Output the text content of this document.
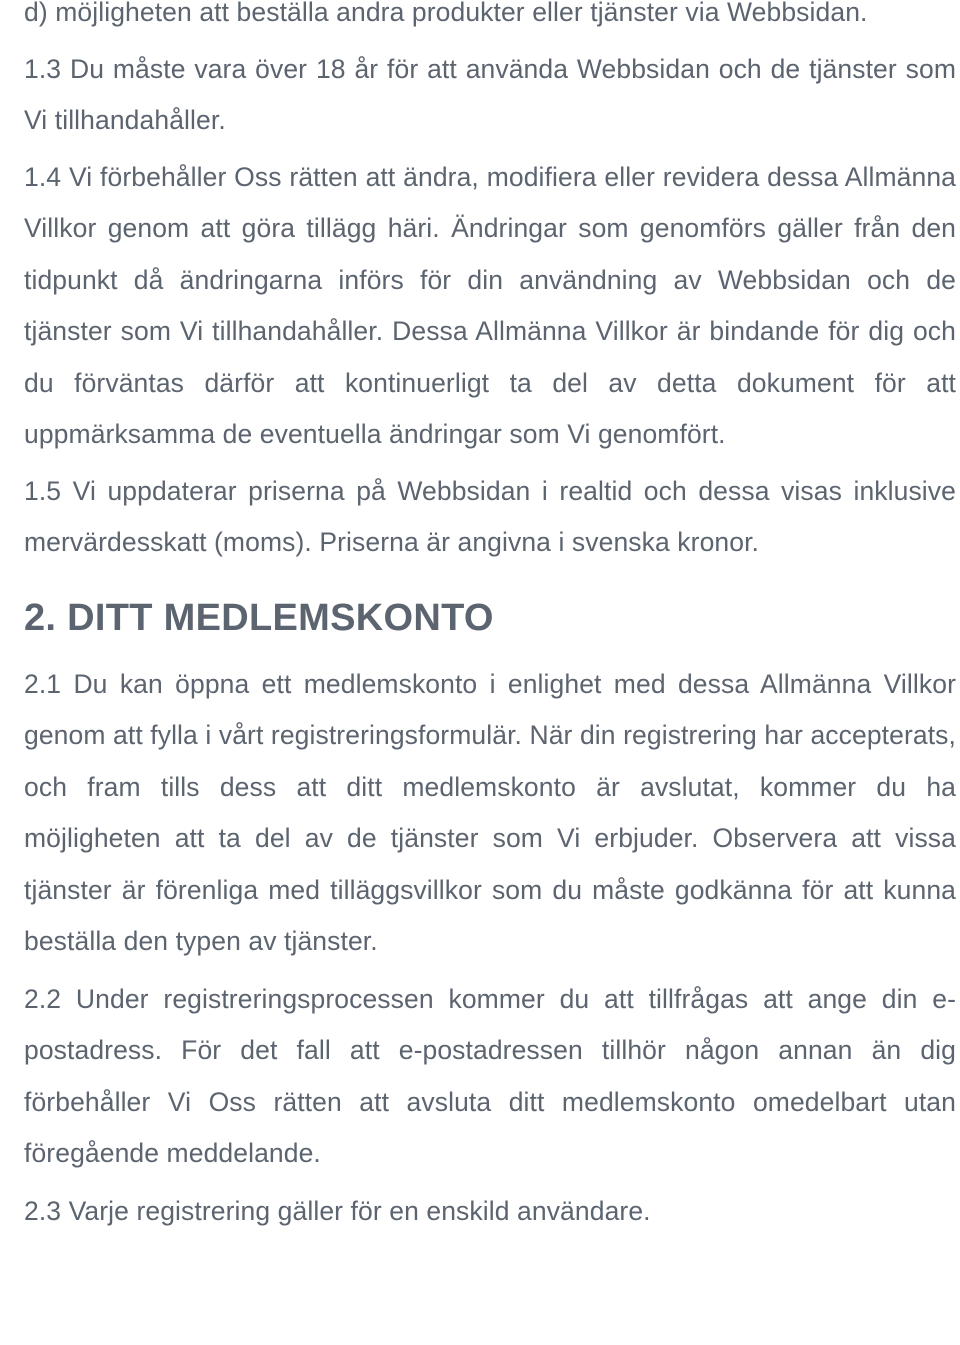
d) möjligheten att beställa andra produkter eller tjänster via Webbsidan.

1.3 Du måste vara över 18 år för att använda Webbsidan och de tjänster som Vi tillhandahåller.

1.4 Vi förbehåller Oss rätten att ändra, modifiera eller revidera dessa Allmänna Villkor genom att göra tillägg häri. Ändringar som genomförs gäller från den tidpunkt då ändringarna införs för din användning av Webbsidan och de tjänster som Vi tillhandahåller. Dessa Allmänna Villkor är bindande för dig och du förväntas därför att kontinuerligt ta del av detta dokument för att uppmärksamma de eventuella ändringar som Vi genomfört.

1.5 Vi uppdaterar priserna på Webbsidan i realtid och dessa visas inklusive mervärdesskatt (moms). Priserna är angivna i svenska kronor.

2. DITT MEDLEMSKONTO

2.1 Du kan öppna ett medlemskonto i enlighet med dessa Allmänna Villkor genom att fylla i vårt registreringsformulär. När din registrering har accepterats, och fram tills dess att ditt medlemskonto är avslutat, kommer du ha möjligheten att ta del av de tjänster som Vi erbjuder. Observera att vissa tjänster är förenliga med tilläggsvillkor som du måste godkänna för att kunna beställa den typen av tjänster.

2.2 Under registreringsprocessen kommer du att tillfrågas att ange din e-postadress. För det fall att e-postadressen tillhör någon annan än dig förbehåller Vi Oss rätten att avsluta ditt medlemskonto omedelbart utan föregående meddelande.

2.3 Varje registrering gäller för en enskild användare.
